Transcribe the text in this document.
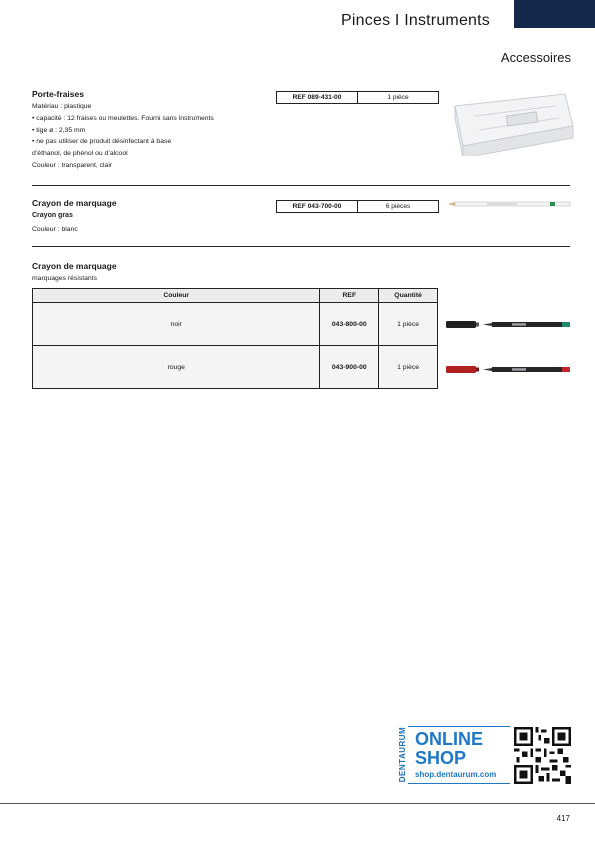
Pinces I Instruments
Accessoires
Porte-fraises
Matériau : plastique
• capacité : 12 fraises ou meulettes. Fourni sans instruments
• tige ø : 2,35 mm
• ne pas utiliser de produit désinfectant à base
d’éthanol, de phénol ou d’alcool
Couleur : transparent, clair
REF 089-431-00	1 pièce
Crayon de marquage
Crayon gras
Couleur : blanc
REF 043-700-00	6 pièces
Crayon de marquage
marquages résistants
Couleur	REF	Quantité
noir	043-800-00	1 pièce
rouge	043-900-00	1 pièce
DENTAURUM ONLINE
SHOP
shop.dentaurum.com
417
